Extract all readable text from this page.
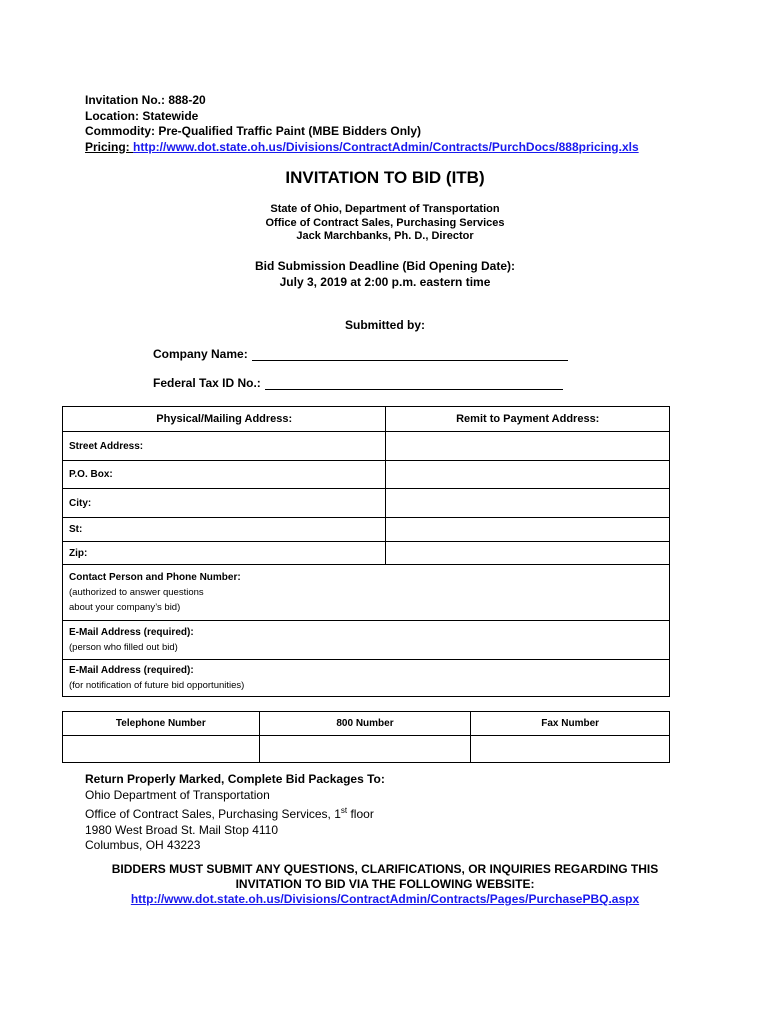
Invitation No.: 888-20
Location: Statewide
Commodity: Pre-Qualified Traffic Paint (MBE Bidders Only)
Pricing: http://www.dot.state.oh.us/Divisions/ContractAdmin/Contracts/PurchDocs/888pricing.xls
INVITATION TO BID (ITB)
State of Ohio, Department of Transportation
Office of Contract Sales, Purchasing Services
Jack Marchbanks, Ph. D., Director
Bid Submission Deadline (Bid Opening Date):
July 3, 2019 at 2:00 p.m. eastern time
Submitted by:
Company Name:
Federal Tax ID No.:
Physical/Mailing Address:	Remit to Payment Address:
Street Address:	
P.O. Box:	
City:	
St:	
Zip:	
Contact Person and Phone Number:
(authorized to answer questions
about your company’s bid)	

E-Mail Address (required):
(person who filled out bid)	

E-Mail Address (required):
(for notification of future bid opportunities)	
Telephone Number	800 Number	Fax Number

Return Properly Marked, Complete Bid Packages To:
Ohio Department of Transportation
Office of Contract Sales, Purchasing Services, 1st floor
1980 West Broad St. Mail Stop 4110
Columbus, OH 43223
BIDDERS MUST SUBMIT ANY QUESTIONS, CLARIFICATIONS, OR INQUIRIES REGARDING THIS
INVITATION TO BID VIA THE FOLLOWING WEBSITE:
http://www.dot.state.oh.us/Divisions/ContractAdmin/Contracts/Pages/PurchasePBQ.aspx
